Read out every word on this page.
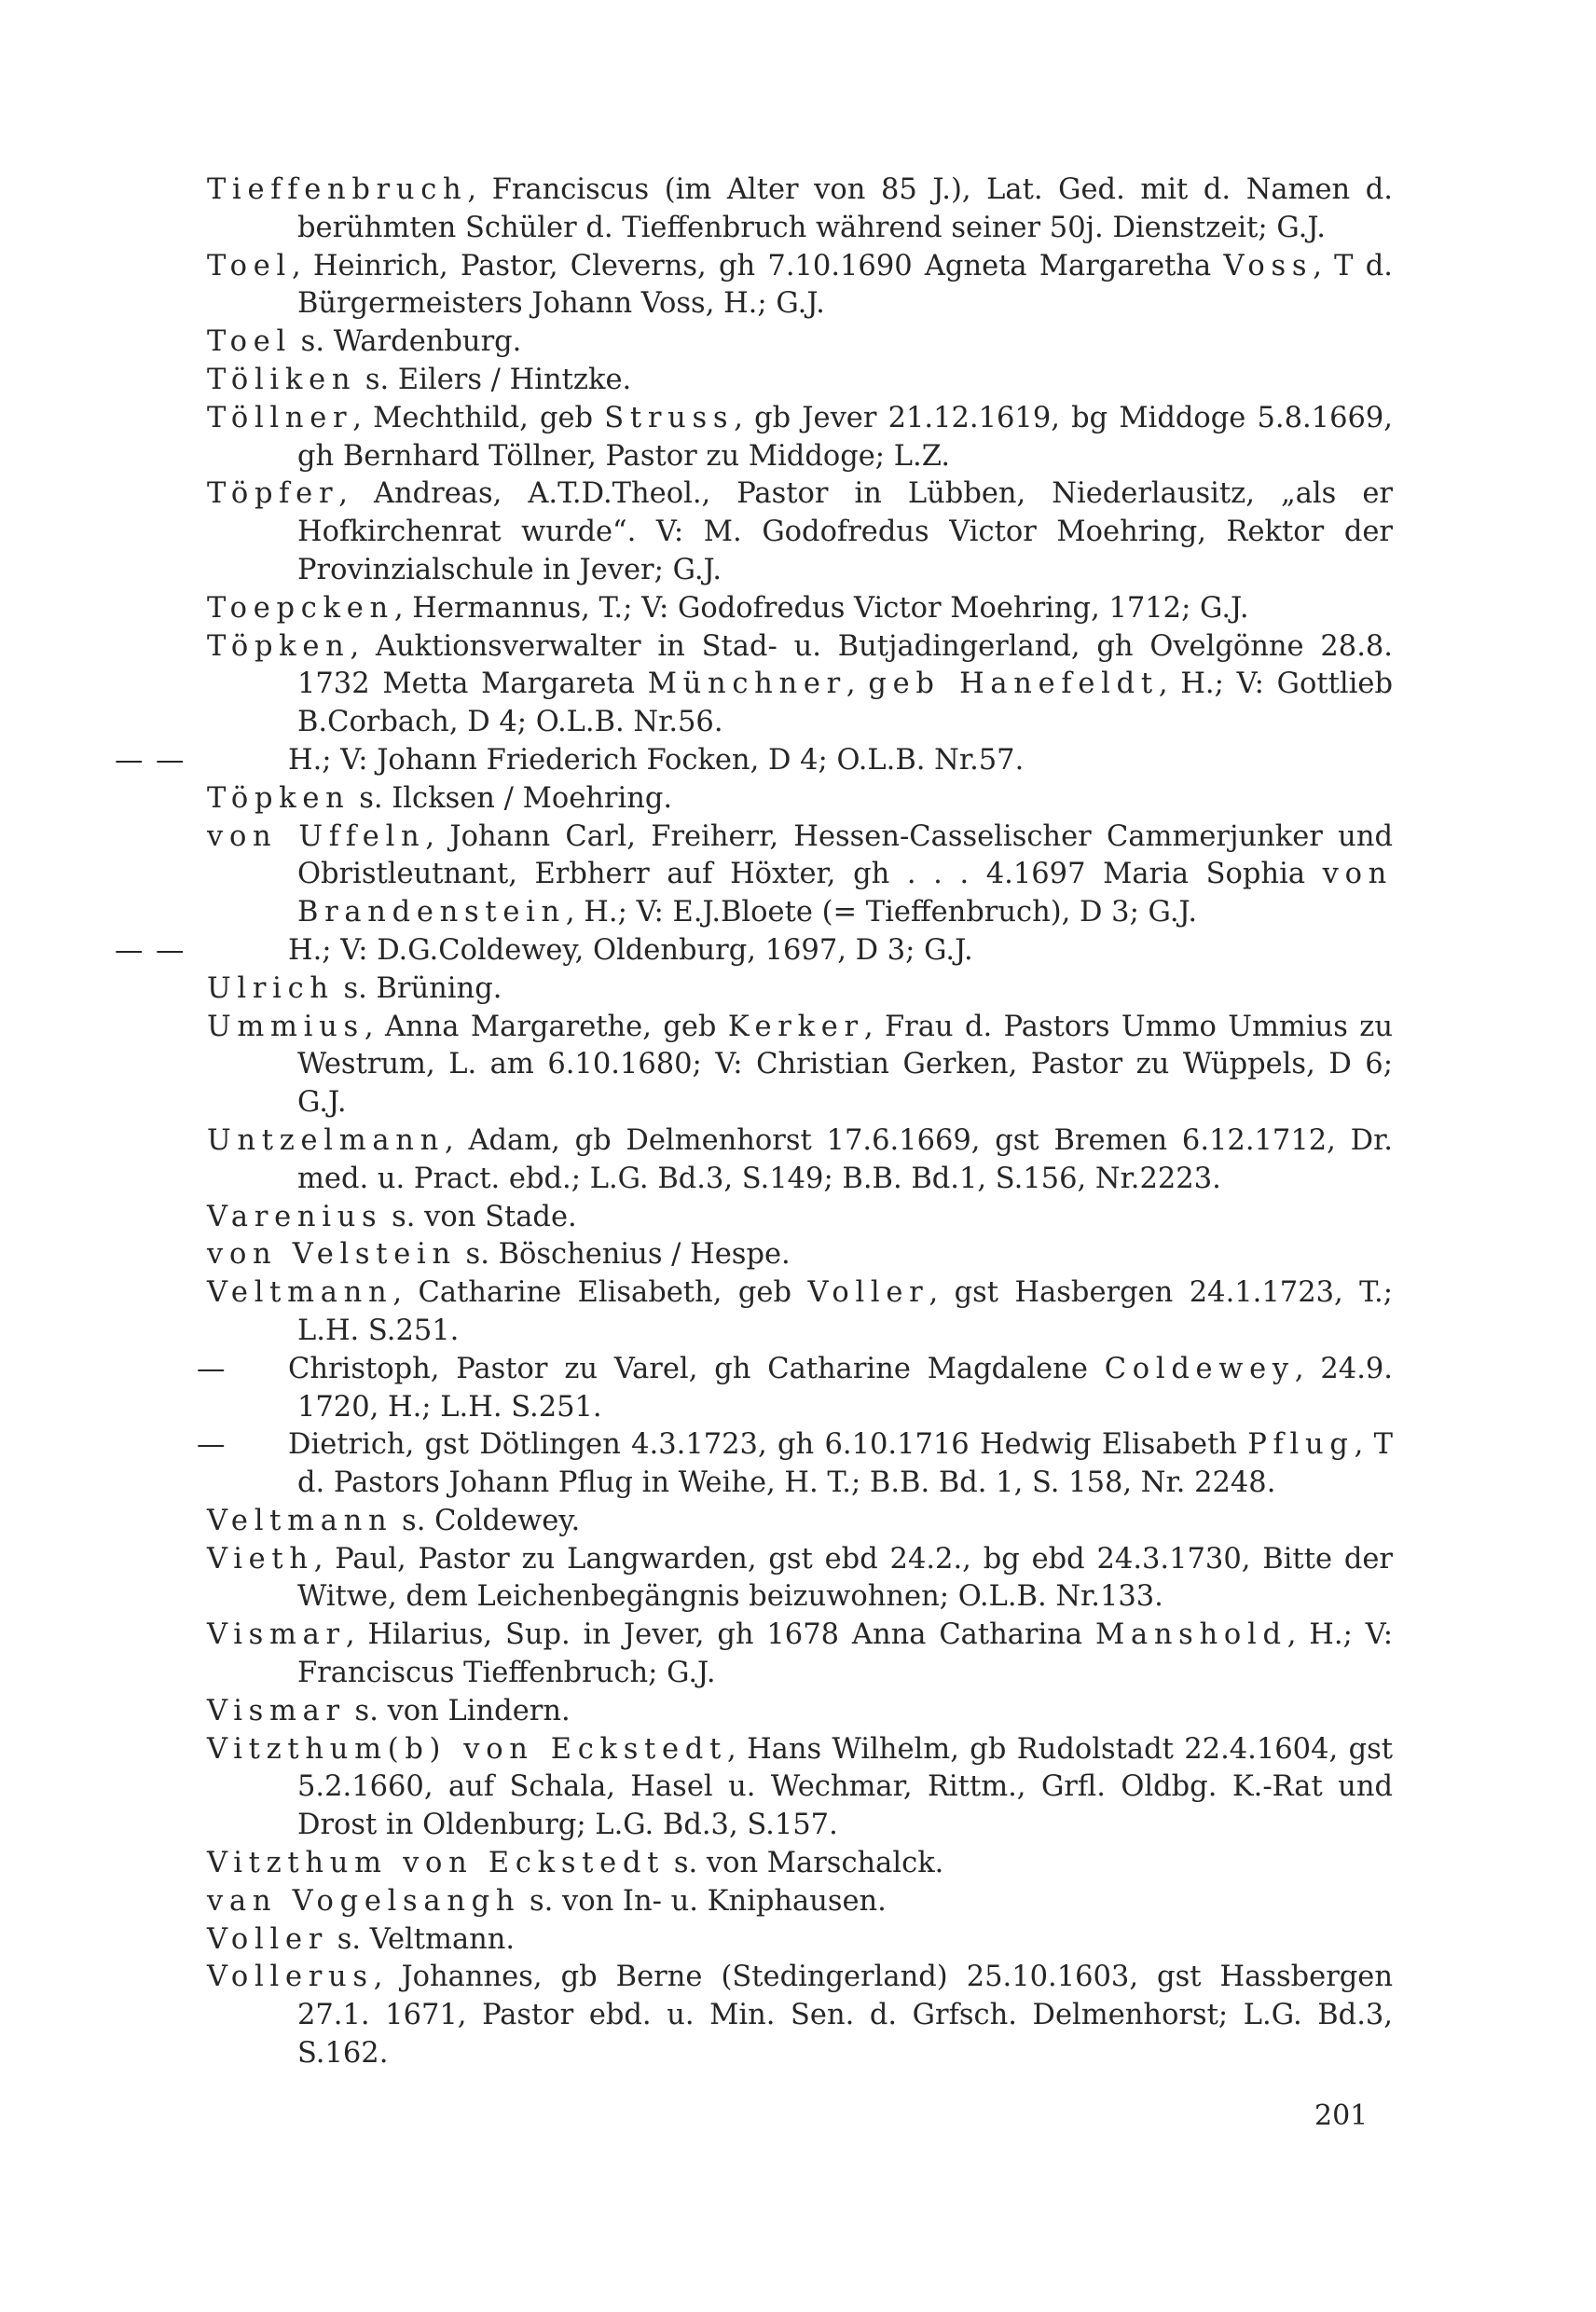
Tieffenbruch, Franciscus (im Alter von 85 J.), Lat. Ged. mit d. Namen d. berühmten Schüler d. Tieffenbruch während seiner 50j. Dienstzeit; G.J.

Toel, Heinrich, Pastor, Cleverns, gh 7.10.1690 Agneta Margaretha Voss, T d. Bürgermeisters Johann Voss, H.; G.J.

Toel s. Wardenburg.

Töliken s. Eilers / Hintzke.

Töllner, Mechthild, geb Struss, gb Jever 21.12.1619, bg Middoge 5.8.1669, gh Bernhard Töllner, Pastor zu Middoge; L.Z.

Töpfer, Andreas, A.T.D.Theol., Pastor in Lübben, Niederlausitz, „als er Hofkirchenrat wurde“. V: M. Godofredus Victor Moehring, Rektor der Provinzialschule in Jever; G.J.

Toepcken, Hermannus, T.; V: Godofredus Victor Moehring, 1712; G.J.

Töpken, Auktionsverwalter in Stad- u. Butjadingerland, gh Ovelgönne 28.8. 1732 Metta Margareta Münchner, geb Hanefeldt, H.; V: Gottlieb B.Corbach, D 4; O.L.B. Nr.56.

— —	H.; V: Johann Friederich Focken, D 4; O.L.B. Nr.57.

Töpken s. Ilcksen / Moehring.

von Uffeln, Johann Carl, Freiherr, Hessen-Casselischer Cammerjunker und Obristleutnant, Erbherr auf Höxter, gh . . . 4.1697 Maria Sophia von Brandenstein, H.; V: E.J.Bloete (= Tieffenbruch), D 3; G.J.

— —	H.; V: D.G.Coldewey, Oldenburg, 1697, D 3; G.J.

Ulrich s. Brüning.

Ummius, Anna Margarethe, geb Kerker, Frau d. Pastors Ummo Ummius zu Westrum, L. am 6.10.1680; V: Christian Gerken, Pastor zu Wüppels, D 6; G.J.

Untzelmann, Adam, gb Delmenhorst 17.6.1669, gst Bremen 6.12.1712, Dr. med. u. Pract. ebd.; L.G. Bd.3, S.149; B.B. Bd.1, S.156, Nr.2223.

Varenius s. von Stade.

von Velstein s. Böschenius / Hespe.

Veltmann, Catharine Elisabeth, geb Voller, gst Hasbergen 24.1.1723, T.; L.H. S.251.

— Christoph, Pastor zu Varel, gh Catharine Magdalene Coldewey, 24.9. 1720, H.; L.H. S.251.

— Dietrich, gst Dötlingen 4.3.1723, gh 6.10.1716 Hedwig Elisabeth Pflug, T d. Pastors Johann Pflug in Weihe, H. T.; B.B. Bd. 1, S. 158, Nr. 2248.

Veltmann s. Coldewey.

Vieth, Paul, Pastor zu Langwarden, gst ebd 24.2., bg ebd 24.3.1730, Bitte der Witwe, dem Leichenbegängnis beizuwohnen; O.L.B. Nr.133.

Vismar, Hilarius, Sup. in Jever, gh 1678 Anna Catharina Manshold, H.; V: Franciscus Tieffenbruch; G.J.

Vismar s. von Lindern.

Vitzthum(b) von Eckstedt, Hans Wilhelm, gb Rudolstadt 22.4.1604, gst 5.2.1660, auf Schala, Hasel u. Wechmar, Rittm., Grfl. Oldbg. K.-Rat und Drost in Oldenburg; L.G. Bd.3, S.157.

Vitzthum von Eckstedt s. von Marschalck.

van Vogelsangh s. von In- u. Kniphausen.

Voller s. Veltmann.

Vollerus, Johannes, gb Berne (Stedingerland) 25.10.1603, gst Hassbergen 27.1. 1671, Pastor ebd. u. Min. Sen. d. Grfsch. Delmenhorst; L.G. Bd.3, S.162.

201
